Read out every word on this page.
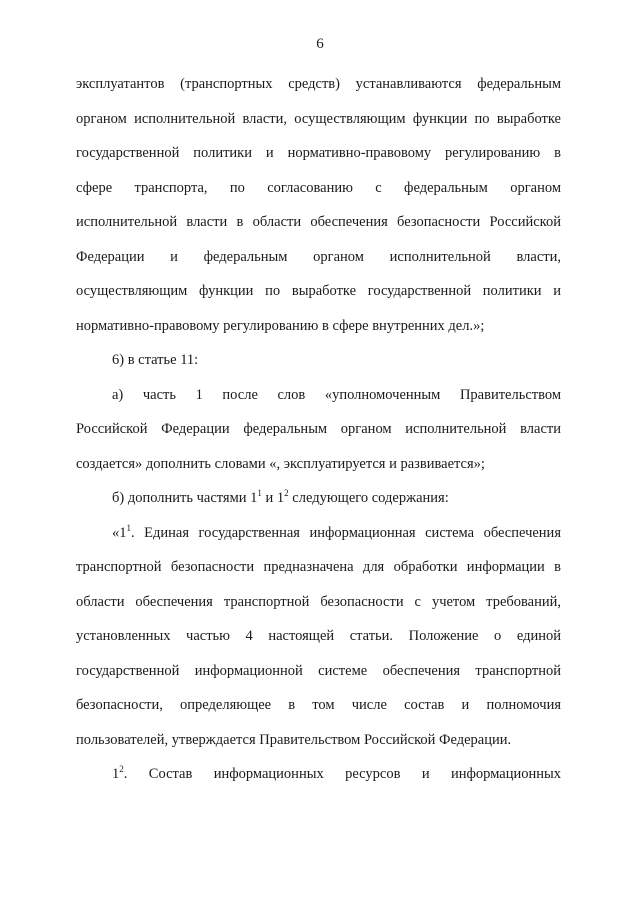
6
эксплуатантов (транспортных средств) устанавливаются федеральным
органом исполнительной власти, осуществляющим функции по выработке
государственной политики и нормативно-правовому регулированию в
сфере транспорта, по согласованию с федеральным органом
исполнительной власти в области обеспечения безопасности Российской
Федерации и федеральным органом исполнительной власти,
осуществляющим функции по выработке государственной политики и
нормативно-правовому регулированию в сфере внутренних дел.»;
6) в статье 11:
а) часть 1 после слов «уполномоченным Правительством
Российской Федерации федеральным органом исполнительной власти
создается» дополнить словами «, эксплуатируется и развивается»;
б) дополнить частями $1^1$ и $1^2$ следующего содержания:
«$1^1$. Единая государственная информационная система обеспечения
транспортной безопасности предназначена для обработки информации в
области обеспечения транспортной безопасности с учетом требований,
установленных частью 4 настоящей статьи. Положение о единой
государственной информационной системе обеспечения транспортной
безопасности, определяющее в том числе состав и полномочия
пользователей, утверждается Правительством Российской Федерации.
$1^2$. Состав информационных ресурсов и информационных
